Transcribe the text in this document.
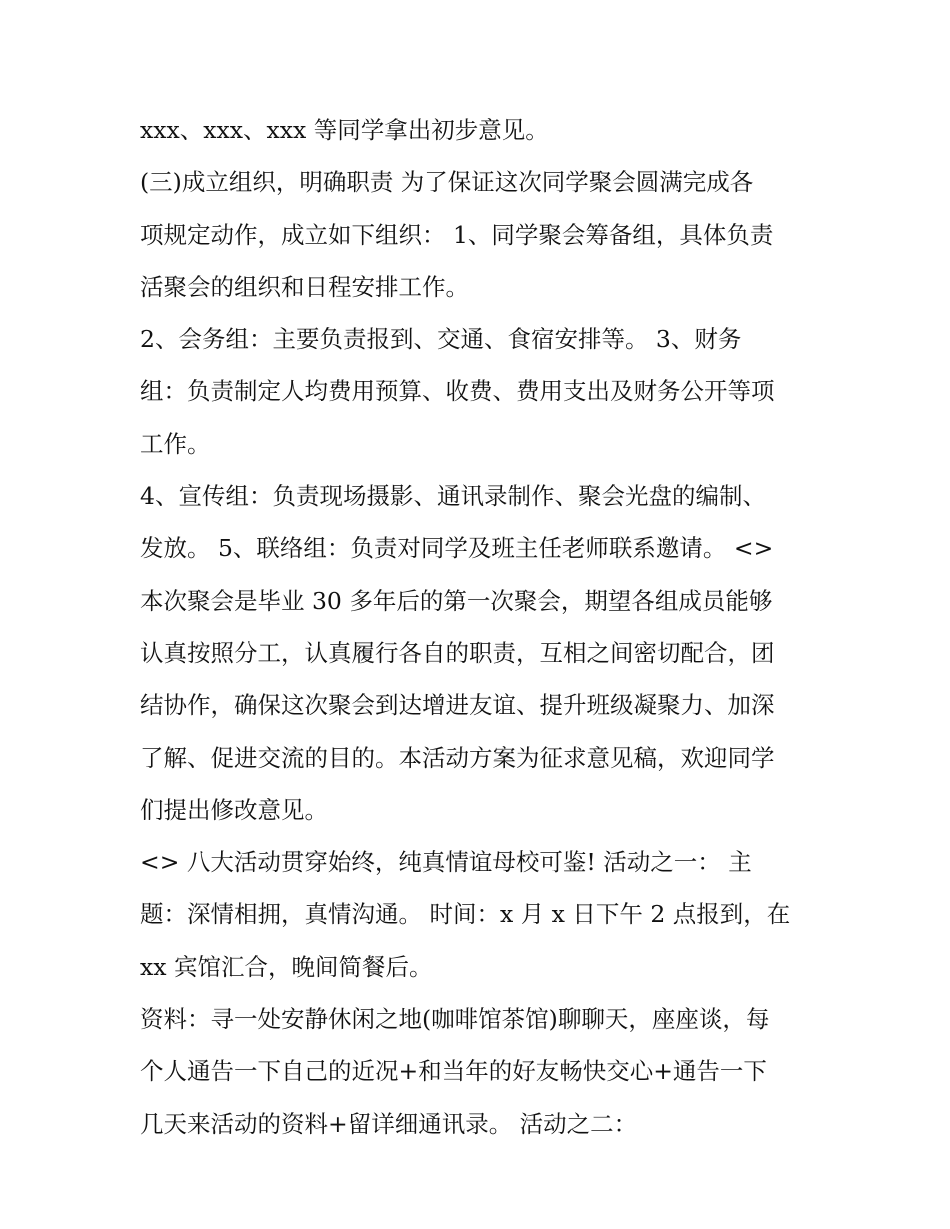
xxx、xxx、xxx 等同学拿出初步意见。
(三)成立组织，明确职责 为了保证这次同学聚会圆满完成各
项规定动作，成立如下组织： 1、同学聚会筹备组，具体负责
活聚会的组织和日程安排工作。
2、会务组：主要负责报到、交通、食宿安排等。 3、财务
组：负责制定人均费用预算、收费、费用支出及财务公开等项
工作。
4、宣传组：负责现场摄影、通讯录制作、聚会光盘的编制、
发放。 5、联络组：负责对同学及班主任老师联系邀请。 <>
本次聚会是毕业 30 多年后的第一次聚会，期望各组成员能够
认真按照分工，认真履行各自的职责，互相之间密切配合，团
结协作，确保这次聚会到达增进友谊、提升班级凝聚力、加深
了解、促进交流的目的。本活动方案为征求意见稿，欢迎同学
们提出修改意见。
<> 八大活动贯穿始终，纯真情谊母校可鉴! 活动之一： 主
题：深情相拥，真情沟通。 时间：x 月 x 日下午 2 点报到，在
xx 宾馆汇合，晚间简餐后。
资料：寻一处安静休闲之地(咖啡馆茶馆)聊聊天，座座谈，每
个人通告一下自己的近况+和当年的好友畅快交心+通告一下
几天来活动的资料+留详细通讯录。 活动之二：
